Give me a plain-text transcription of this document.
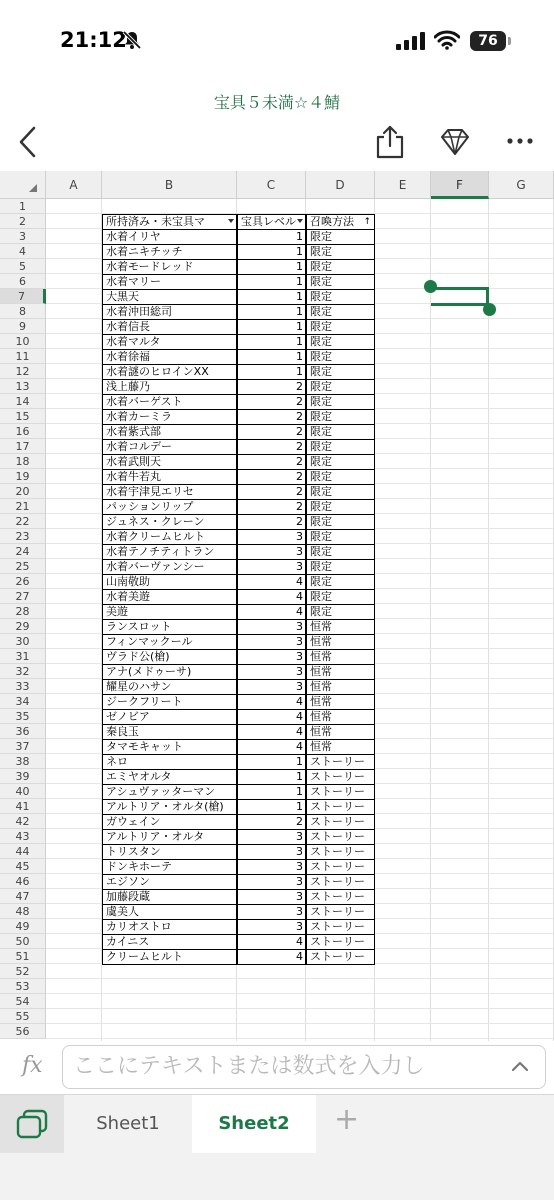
21:12	76
宝具５未満☆４鯖
A	B	C	D	E	F	G
1
2
3
4
5
6
7
8
9
10
11
12
13
14
15
16
17
18
19
20
21
22
23
24
25
26
27
28
29
30
31
32
33
34
35
36
37
38
39
40
41
42
43
44
45
46
47
48
49
50
51
52
53
54
55
56
所持済み・未宝具マ	宝具レベル	召喚方法 ↑
水着イリヤ	1 限定
水着ニキチッチ	1 限定
水着モードレッド	1 限定
水着マリー	1 限定
大黒天	1 限定
水着沖田総司	1 限定
水着信長	1 限定
水着マルタ	1 限定
水着徐福	1 限定
水着謎のヒロインXX	1 限定
浅上藤乃	2 限定
水着バーゲスト	2 限定
水着カーミラ	2 限定
水着紫式部	2 限定
水着コルデー	2 限定
水着武則天	2 限定
水着牛若丸	2 限定
水着宇津見エリセ	2 限定
パッションリップ	2 限定
ジュネス・クレーン	2 限定
水着クリームヒルト	3 限定
水着テノチティトラン	3 限定
水着バーヴァンシー	3 限定
山南敬助	4 限定
水着美遊	4 限定
美遊	4 限定
ランスロット	3 恒常
フィンマックール	3 恒常
ヴラド公(槍)	3 恒常
アナ(メドゥーサ)	3 恒常
耀星のハサン	3 恒常
ジークフリート	4 恒常
ゼノビア	4 恒常
秦良玉	4 恒常
タマモキャット	4 恒常
ネロ	1 ストーリー
エミヤオルタ	1 ストーリー
アシュヴァッターマン	1 ストーリー
アルトリア・オルタ(槍)	1 ストーリー
ガウェイン	2 ストーリー
アルトリア・オルタ	3 ストーリー
トリスタン	3 ストーリー
ドンキホーテ	3 ストーリー
エジソン	3 ストーリー
加藤段蔵	3 ストーリー
虞美人	3 ストーリー
カリオストロ	3 ストーリー
カイニス	4 ストーリー
クリームヒルト	4 ストーリー
fx	ここにテキストまたは数式を入力し
Sheet1	Sheet2	+
